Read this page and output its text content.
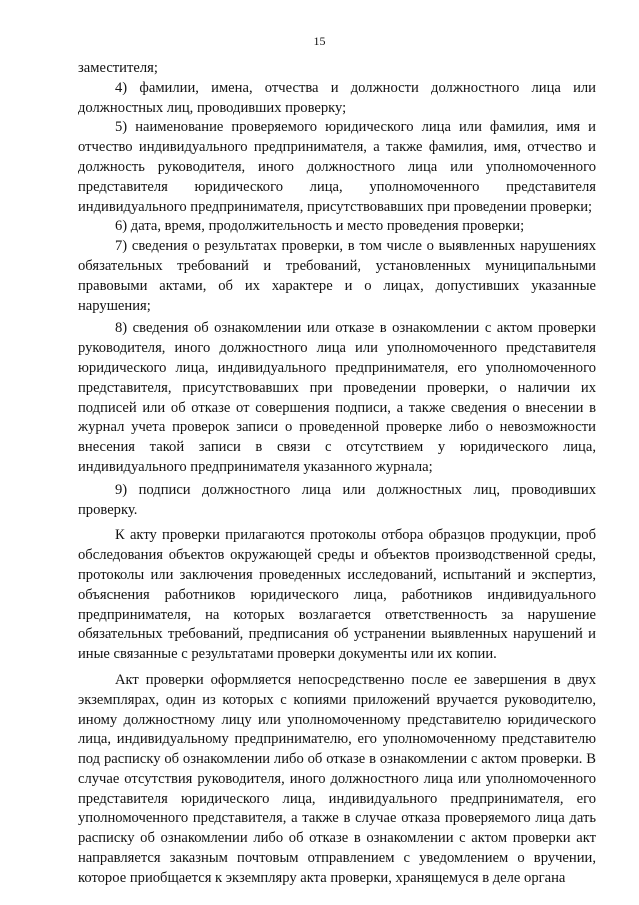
15

заместителя;

4) фамилии, имена, отчества и должности должностного лица или должностных лиц, проводивших проверку;

5) наименование проверяемого юридического лица или фамилия, имя и отчество индивидуального предпринимателя, а также фамилия, имя, отчество и должность руководителя, иного должностного лица или уполномоченного представителя юридического лица, уполномоченного представителя индивидуального предпринимателя, присутствовавших при проведении проверки;

6) дата, время, продолжительность и место проведения проверки;

7) сведения о результатах проверки, в том числе о выявленных нарушениях обязательных требований и требований, установленных муниципальными правовыми актами, об их характере и о лицах, допустивших указанные нарушения;

8) сведения об ознакомлении или отказе в ознакомлении с актом проверки руководителя, иного должностного лица или уполномоченного представителя юридического лица, индивидуального предпринимателя, его уполномоченного представителя, присутствовавших при проведении проверки, о наличии их подписей или об отказе от совершения подписи, а также сведения о внесении в журнал учета проверок записи о проведенной проверке либо о невозможности внесения такой записи в связи с отсутствием у юридического лица, индивидуального предпринимателя указанного журнала;

9) подписи должностного лица или должностных лиц, проводивших проверку.

К акту проверки прилагаются протоколы отбора образцов продукции, проб обследования объектов окружающей среды и объектов производственной среды, протоколы или заключения проведенных исследований, испытаний и экспертиз, объяснения работников юридического лица, работников индивидуального предпринимателя, на которых возлагается ответственность за нарушение обязательных требований, предписания об устранении выявленных нарушений и иные связанные с результатами проверки документы или их копии.

Акт проверки оформляется непосредственно после ее завершения в двух экземплярах, один из которых с копиями приложений вручается руководителю, иному должностному лицу или уполномоченному представителю юридического лица, индивидуальному предпринимателю, его уполномоченному представителю под расписку об ознакомлении либо об отказе в ознакомлении с актом проверки. В случае отсутствия руководителя, иного должностного лица или уполномоченного представителя юридического лица, индивидуального предпринимателя, его уполномоченного представителя, а также в случае отказа проверяемого лица дать расписку об ознакомлении либо об отказе в ознакомлении с актом проверки акт направляется заказным почтовым отправлением с уведомлением о вручении, которое приобщается к экземпляру акта проверки, хранящемуся в деле органа
